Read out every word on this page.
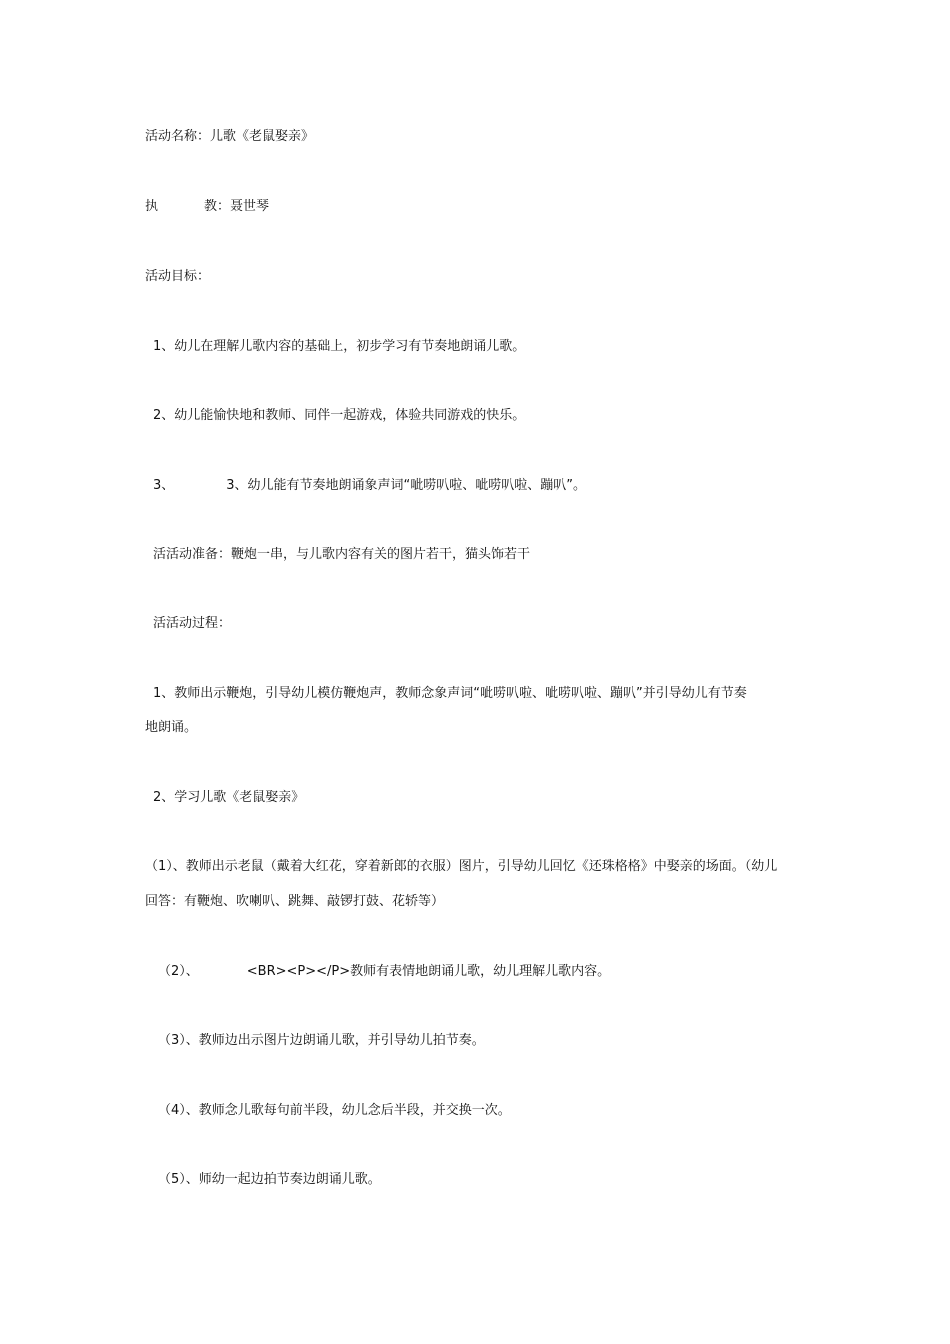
活动名称：儿歌《老鼠娶亲》
执	教：聂世琴
活动目标：
1、幼儿在理解儿歌内容的基础上，初步学习有节奏地朗诵儿歌。
2、幼儿能愉快地和教师、同伴一起游戏，体验共同游戏的快乐。
3、	3、幼儿能有节奏地朗诵象声词“呲唠叭啦、呲唠叭啦、蹦叭”。
活活动准备：鞭炮一串，与儿歌内容有关的图片若干，猫头饰若干
活活动过程：
1、教师出示鞭炮，引导幼儿模仿鞭炮声，教师念象声词“呲唠叭啦、呲唠叭啦、蹦叭”并引导幼儿有节奏
地朗诵。
2、学习儿歌《老鼠娶亲》
（1）、教师出示老鼠（戴着大红花，穿着新郎的衣服）图片，引导幼儿回忆《还珠格格》中娶亲的场面。（幼儿
回答：有鞭炮、吹喇叭、跳舞、敲锣打鼓、花轿等）
（2）、	<BR><P></P>教师有表情地朗诵儿歌，幼儿理解儿歌内容。
（3）、教师边出示图片边朗诵儿歌，并引导幼儿拍节奏。
（4）、教师念儿歌每句前半段，幼儿念后半段，并交换一次。
（5）、师幼一起边拍节奏边朗诵儿歌。
